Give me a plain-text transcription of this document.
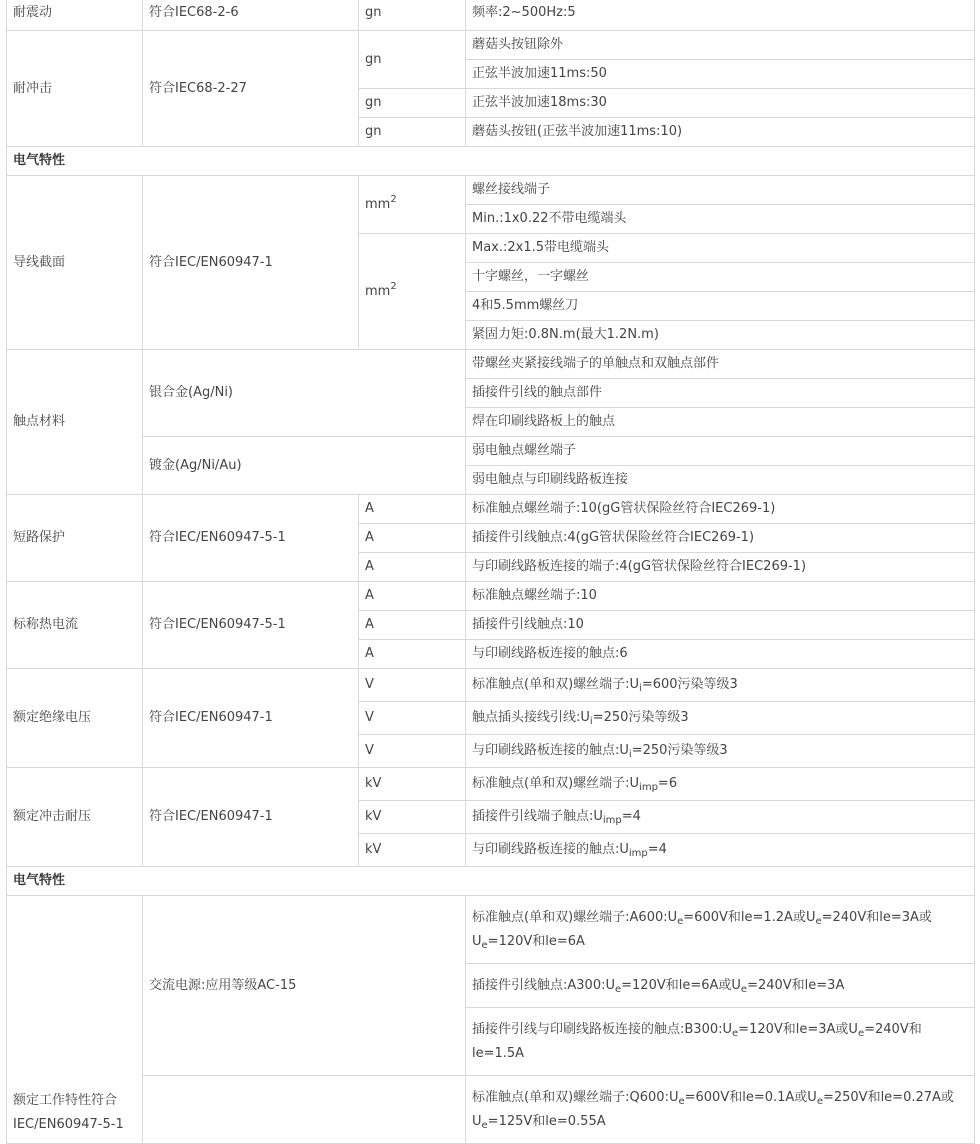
耐震动	符合IEC68-2-6	gn	频率:2~500Hz:5
耐冲击	符合IEC68-2-27	gn	蘑菇头按钮除外
			正弦半波加速11ms:50
		gn	正弦半波加速18ms:30
		gn	蘑菇头按钮(正弦半波加速11ms:10)
电气特性			
导线截面	符合IEC/EN60947-1	$mm^2$	螺丝接线端子
			Min.:1x0.22不带电缆端头
		$mm^2$	Max.:2x1.5带电缆端头
			十字螺丝，一字螺丝
			4和5.5mm螺丝刀
			紧固力矩:0.8N.m(最大1.2N.m)
触点材料	银合金(Ag/Ni)		带螺丝夹紧接线端子的单触点和双触点部件
			插接件引线的触点部件
			焊在印刷线路板上的触点
	镀金(Ag/Ni/Au)		弱电触点螺丝端子
			弱电触点与印刷线路板连接
短路保护	符合IEC/EN60947-5-1	A	标准触点螺丝端子:10(gG管状保险丝符合IEC269-1)
		A	插接件引线触点:4(gG管状保险丝符合IEC269-1)
		A	与印刷线路板连接的端子:4(gG管状保险丝符合IEC269-1)
标称热电流	符合IEC/EN60947-5-1	A	标准触点螺丝端子:10
		A	插接件引线触点:10
		A	与印刷线路板连接的触点:6
额定绝缘电压	符合IEC/EN60947-1	V	标准触点(单和双)螺丝端子$:U_i=600$污染等级3
		V	触点插头接线引线$:U_i=250$污染等级3
		V	与印刷线路板连接的触点$:U_i=250$污染等级3
额定冲击耐压	符合IEC/EN60947-1	kV	标准触点(单和双)螺丝端子$:U_{imp}=6$
		kV	插接件引线端子触点$:U_{imp}=4$
		kV	与印刷线路板连接的触点$:U_{imp}=4$
电气特性			
额定工作特性符合IEC/EN60947-5-1	交流电源:应用等级AC-15		标准触点(单和双)螺丝端子$:A600:U_e=600V$和le=1.2A或$U_e=240V$和le=3A或
$U_e=120V$和le=6A
			插接件引线触点$:A300:U_e=120V$和le=6A或$U_e=240V$和le=3A
			插接件引线与印刷线路板连接的触点$:B300:U_e=120V$和le=3A或$U_e=240V$和
le=1.5A
			标准触点(单和双)螺丝端子$:Q600:U_e=600V$和le=0.1A或$U_e=250V$和le=0.27A或
$U_e=125V$和le=0.55A
